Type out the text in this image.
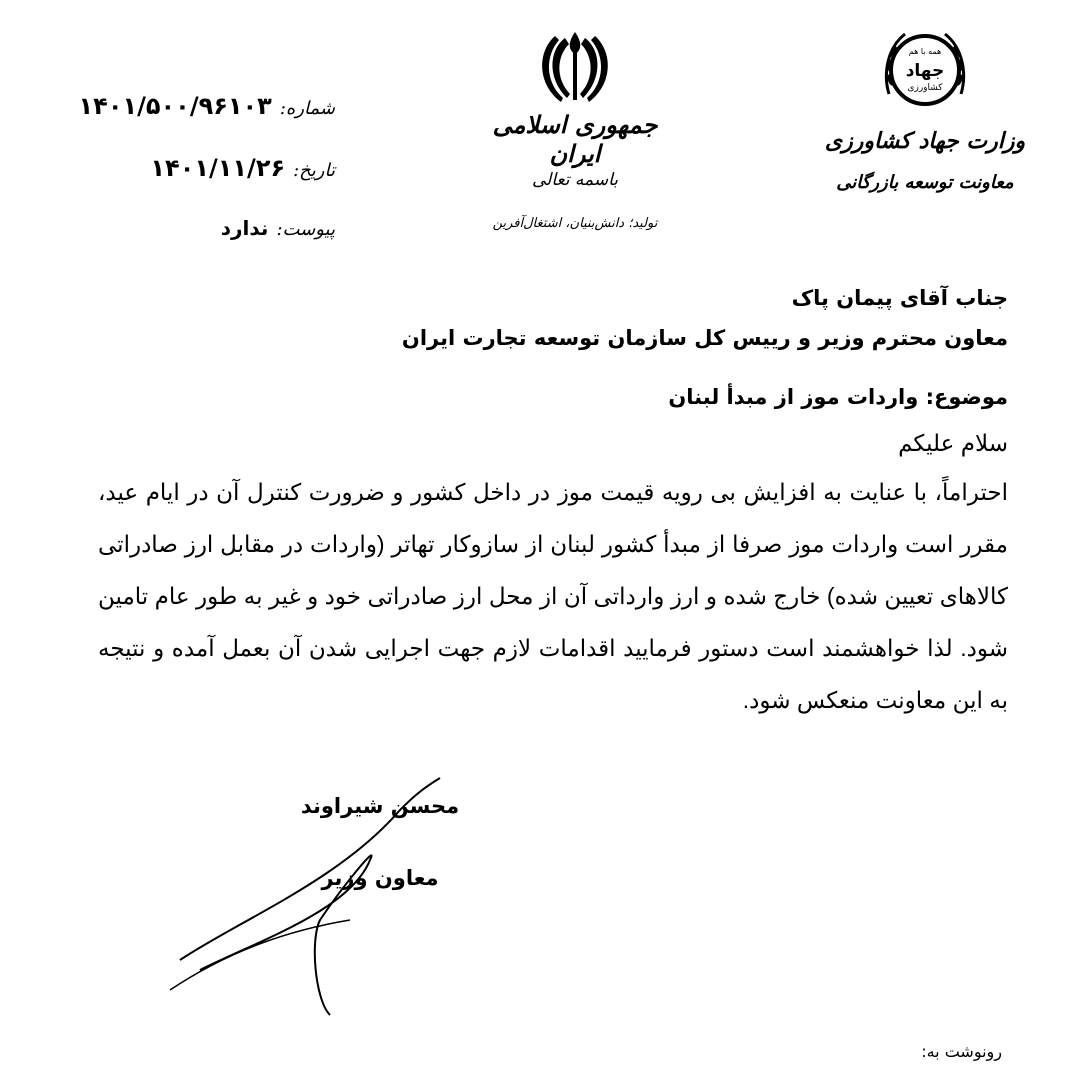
شماره:
۱۴۰۱/۵۰۰/۹۶۱۰۳
تاریخ:
۱۴۰۱/۱۱/۲۶
پیوست:
ندارد
جمهوری اسلامی ایران
باسمه تعالی
تولید؛ دانش‌بنیان، اشتغال‌آفرین
همه با هم
جهاد
کشاورزی
وزارت جهاد کشاورزی
معاونت توسعه بازرگانی
جناب آقای پیمان پاک
معاون محترم وزیر و رییس کل سازمان توسعه تجارت ایران
موضوع: واردات موز از مبدأ لبنان
سلام علیکم
احتراماً، با عنایت به افزایش بی رویه قیمت موز در داخل کشور و ضرورت کنترل آن در ایام عید، مقرر است واردات موز صرفا از مبدأ کشور لبنان از سازوکار تهاتر (واردات در مقابل ارز صادراتی کالاهای تعیین شده) خارج شده و ارز وارداتی آن از محل ارز صادراتی خود و غیر به طور عام تامین شود. لذا خواهشمند است دستور فرمایید اقدامات لازم جهت اجرایی شدن آن بعمل آمده و نتیجه به این معاونت منعکس شود.
محسن شیراوند
معاون وزیر
رونوشت به:
